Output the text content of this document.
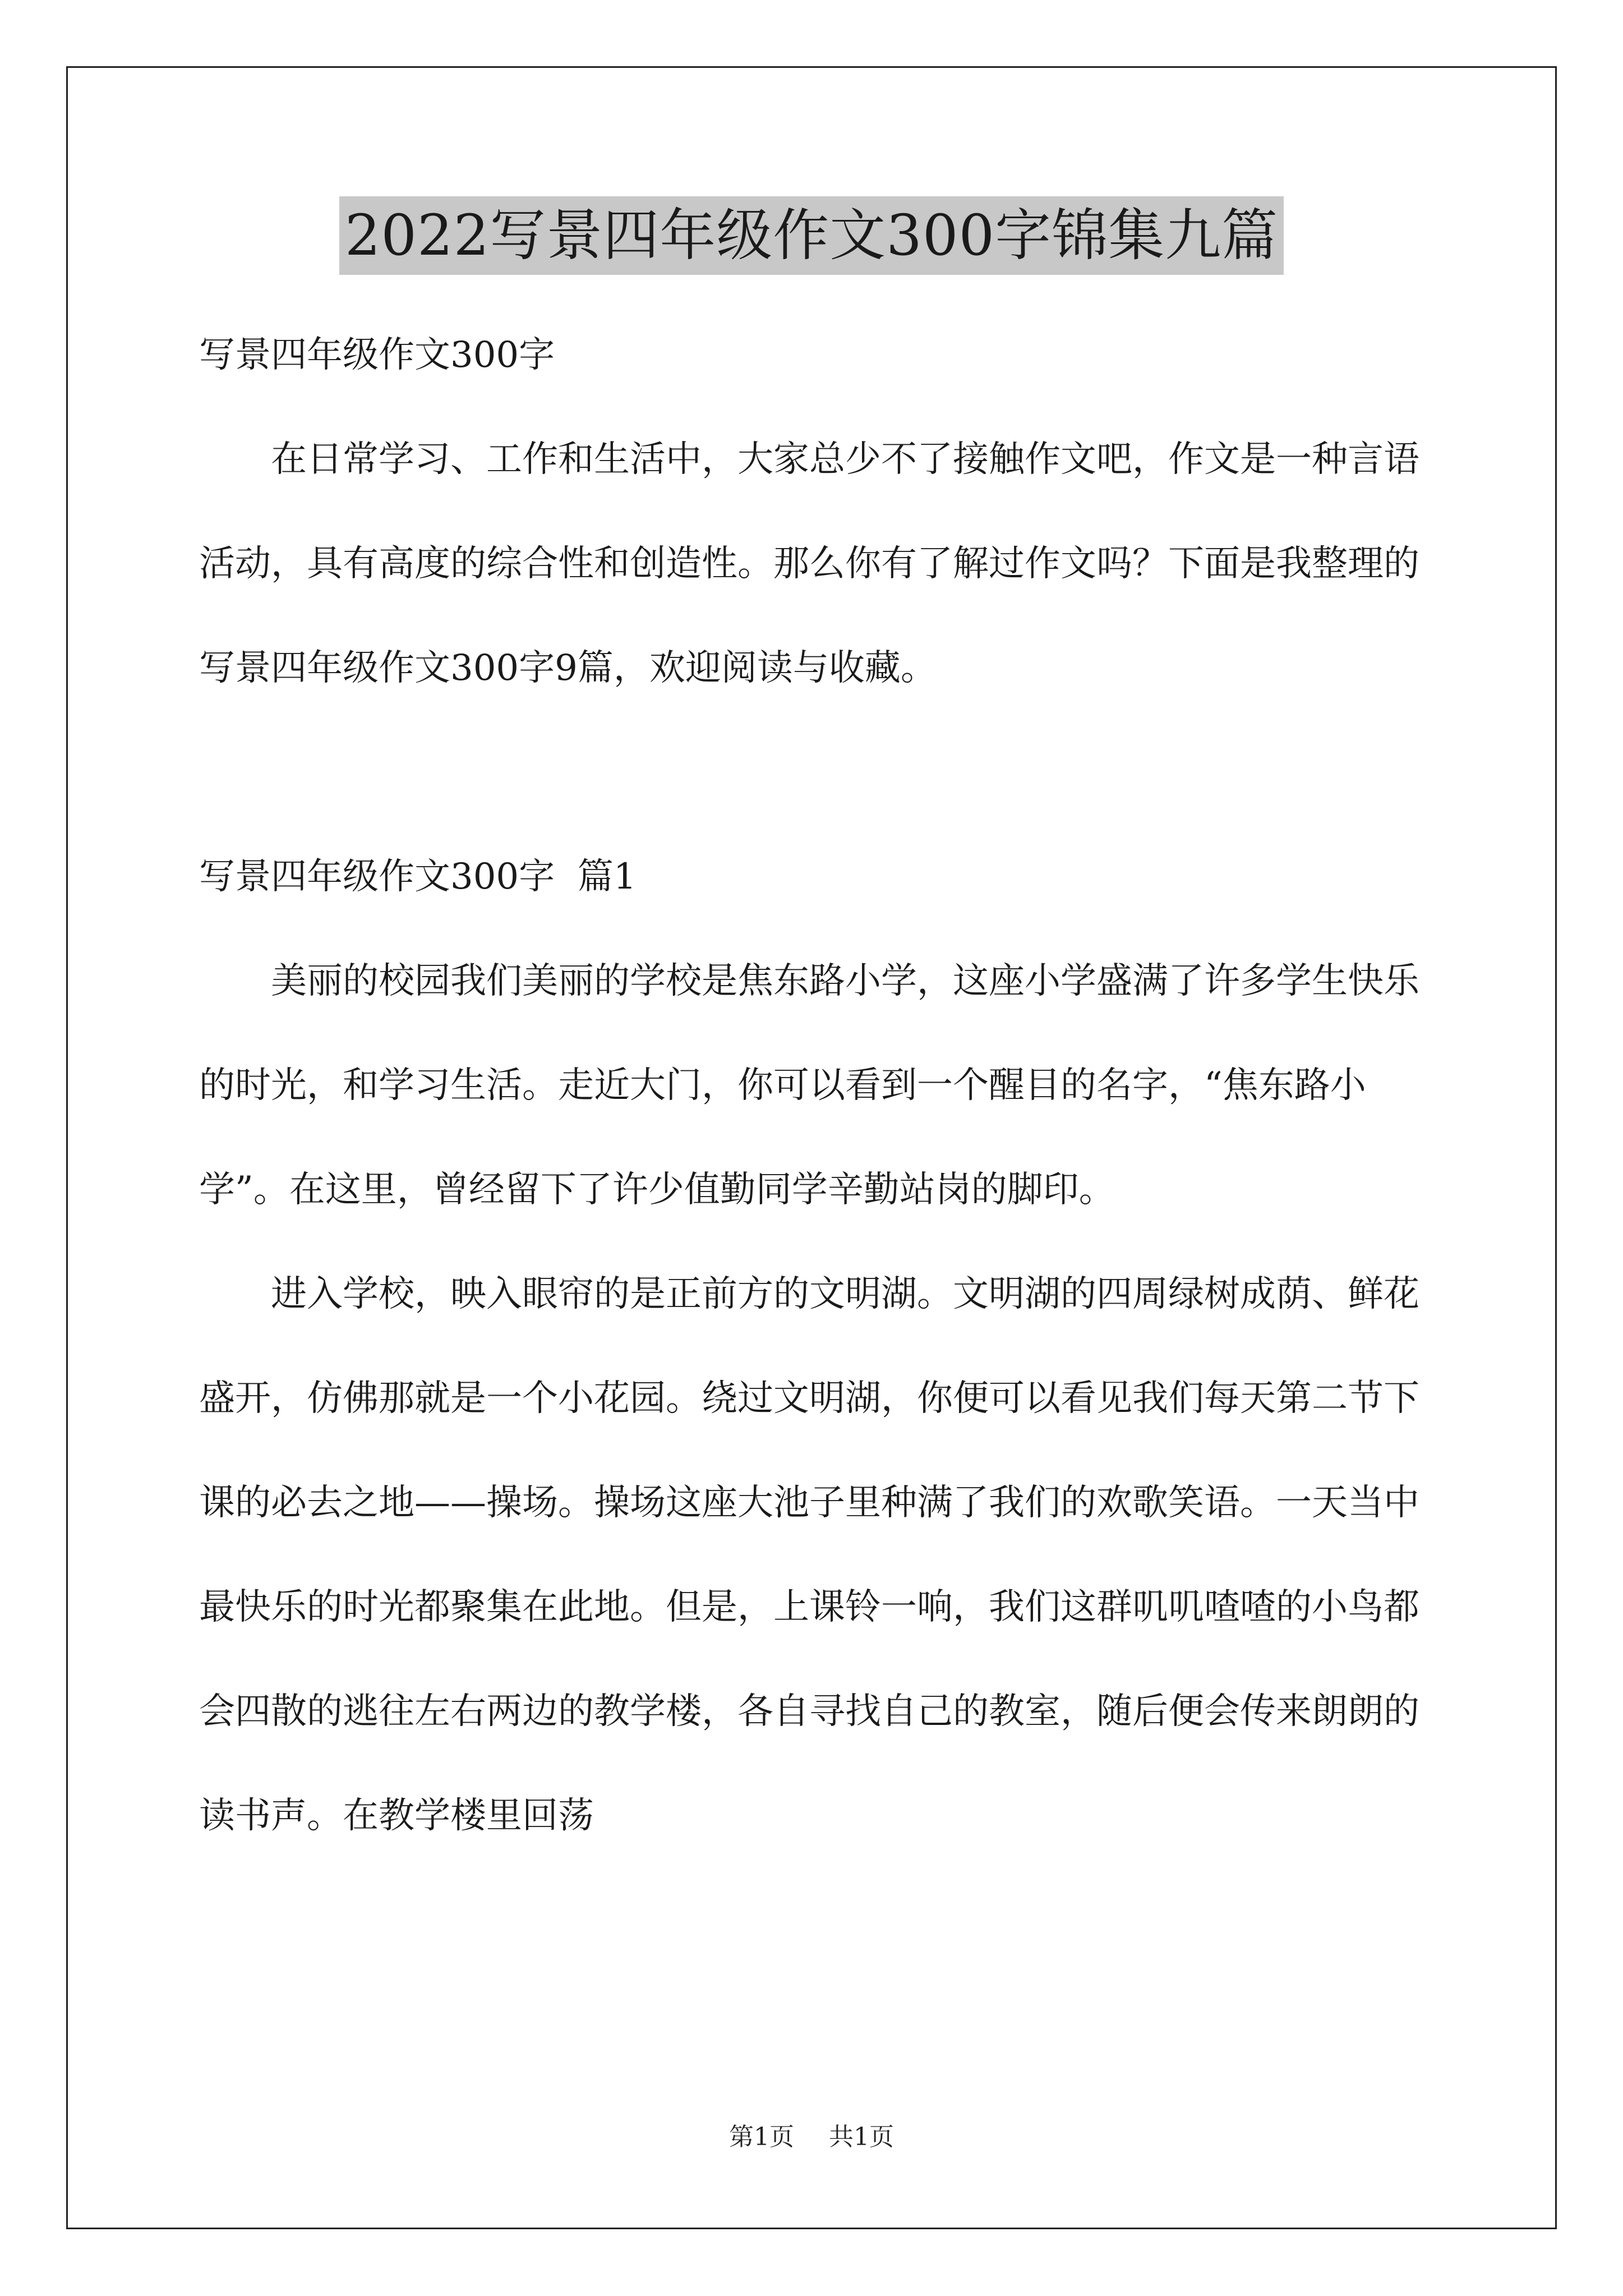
2022写景四年级作文300字锦集九篇

写景四年级作文300字

在日常学习、工作和生活中，大家总少不了接触作文吧，作文是一种言语活动，具有高度的综合性和创造性。那么你有了解过作文吗？下面是我整理的写景四年级作文300字9篇，欢迎阅读与收藏。

写景四年级作文300字  篇1

美丽的校园我们美丽的学校是焦东路小学，这座小学盛满了许多学生快乐的时光，和学习生活。走近大门，你可以看到一个醒目的名字，“焦东路小学”。在这里，曾经留下了许少值勤同学辛勤站岗的脚印。

进入学校，映入眼帘的是正前方的文明湖。文明湖的四周绿树成荫、鲜花盛开，仿佛那就是一个小花园。绕过文明湖，你便可以看见我们每天第二节下课的必去之地——操场。操场这座大池子里种满了我们的欢歌笑语。一天当中最快乐的时光都聚集在此地。但是，上课铃一响，我们这群叽叽喳喳的小鸟都会四散的逃往左右两边的教学楼，各自寻找自己的教室，随后便会传来朗朗的读书声。在教学楼里回荡

第1页 共1页
